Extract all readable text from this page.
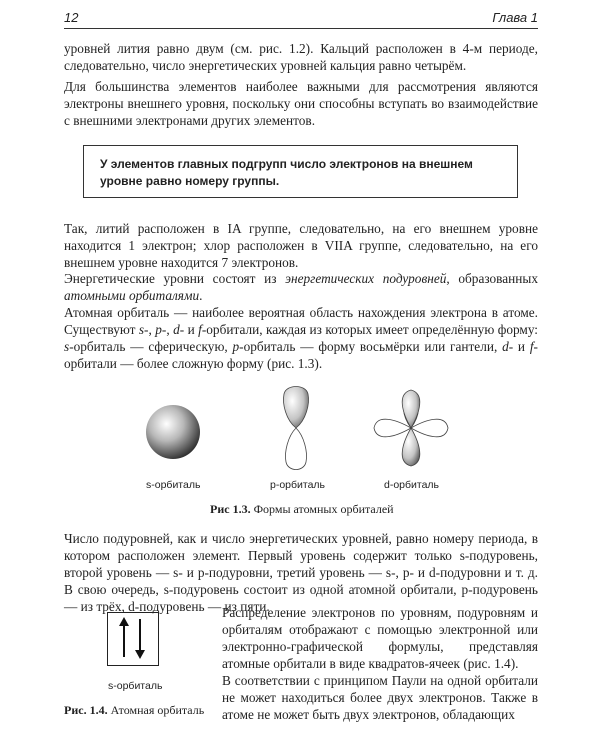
12	Глава 1

уровней лития равно двум (см. рис. 1.2). Кальций расположен в 4-м периоде, следовательно, число энергетических уровней кальция равно четырём.

Для большинства элементов наиболее важными для рассмотрения являются электроны внешнего уровня, поскольку они способны вступать во взаимодействие с внешними электронами других элементов.

У элементов главных подгрупп число электронов на внешнем уровне равно номеру группы.

Так, литий расположен в IA группе, следовательно, на его внешнем уровне находится 1 электрон; хлор расположен в VIIA группе, следовательно, на его внешнем уровне находится 7 электронов.

Энергетические уровни состоят из энергетических подуровней, образованных атомными орбиталями.

Атомная орбиталь — наиболее вероятная область нахождения электрона в атоме. Существуют s-, p-, d- и f-орбитали, каждая из которых имеет определённую форму: s-орбиталь — сферическую, p-орбиталь — форму восьмёрки или гантели, d- и f-орбитали — более сложную форму (рис. 1.3).

s-орбиталь	p-орбиталь	d-орбиталь
Рис 1.3. Формы атомных орбиталей

Число подуровней, как и число энергетических уровней, равно номеру периода, в котором расположен элемент. Первый уровень содержит только s-подуровень, второй уровень — s- и p-подуровни, третий уровень — s-, p- и d-подуровни и т. д. В свою очередь, s-подуровень состоит из одной атомной орбитали, p-подуровень — из трёх, d-подуровень — из пяти.

s-орбиталь
Рис. 1.4. Атомная орбиталь

Распределение электронов по уровням, подуровням и орбиталям отображают с помощью электронной или электронно-графической формулы, представляя атомные орбитали в виде квадратов-ячеек (рис. 1.4).

В соответствии с принципом Паули на одной орбитали не может находиться более двух электронов. Также в атоме не может быть двух электронов, обладающих
